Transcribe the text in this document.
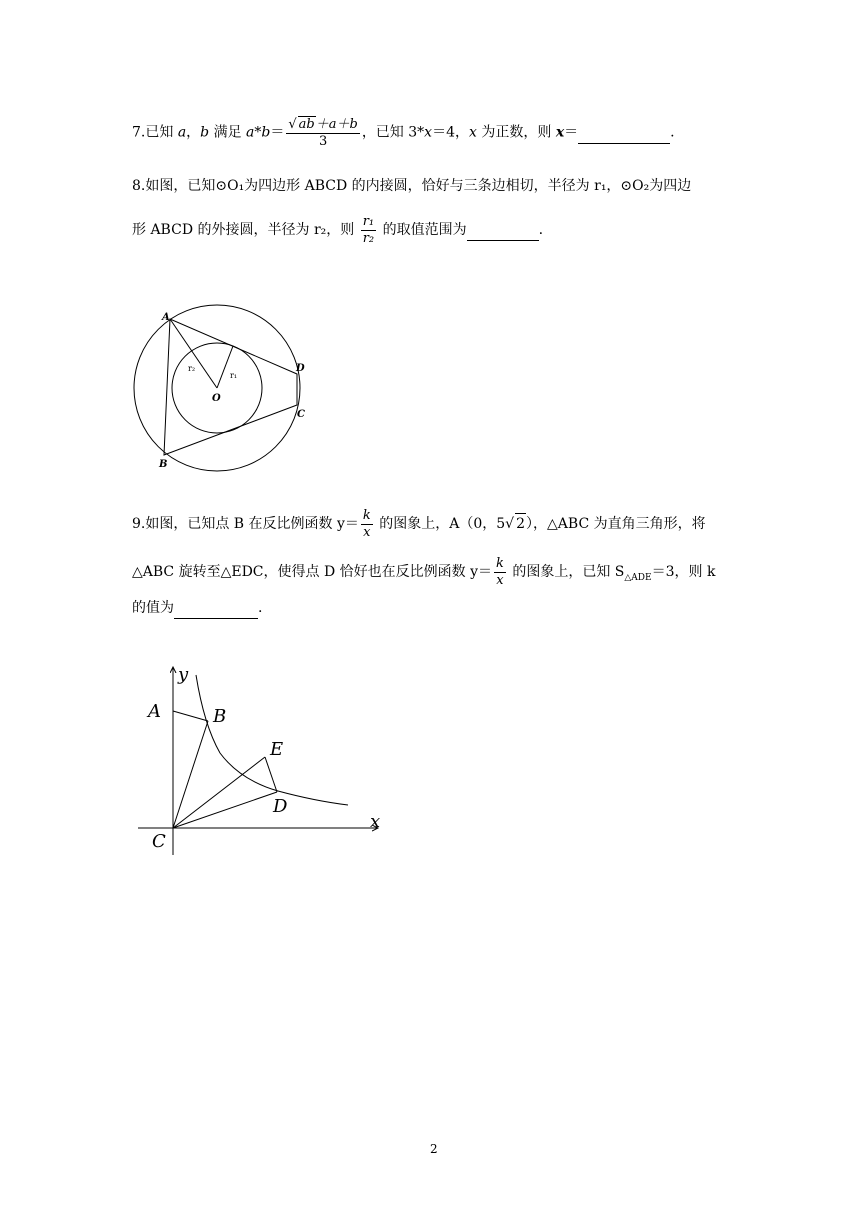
7.已知 a，b 满足 $a*b= \frac{√ ab+a+b}{3}$ ，已知 3*x＝4，x 为正数，则 x＝	.
8.如图，已知⊙O₁为四边形 ABCD 的内接圆，恰好与三条边相切，半径为 r₁，⊙O₂为四边
形 ABCD 的外接圆，半径为 r₂，则 $\frac{\text{r₁}}{\text{r₂}}$ 的取值范围为	.
A
B
C
D
O
r₂
r₁
9.如图，已知点 B 在反比例函数 $y= \frac{k}{x}$ 的图象上，A（0，5√ 2），△ABC 为直角三角形，将
△ABC 旋转至△EDC，使得点 D 恰好也在反比例函数 $y= \frac{k}{x}$ 的图象上，已知 $S_{\triangle ADE}=3$，则 k
的值为	.
y
x
A	B
C
D
E
2
